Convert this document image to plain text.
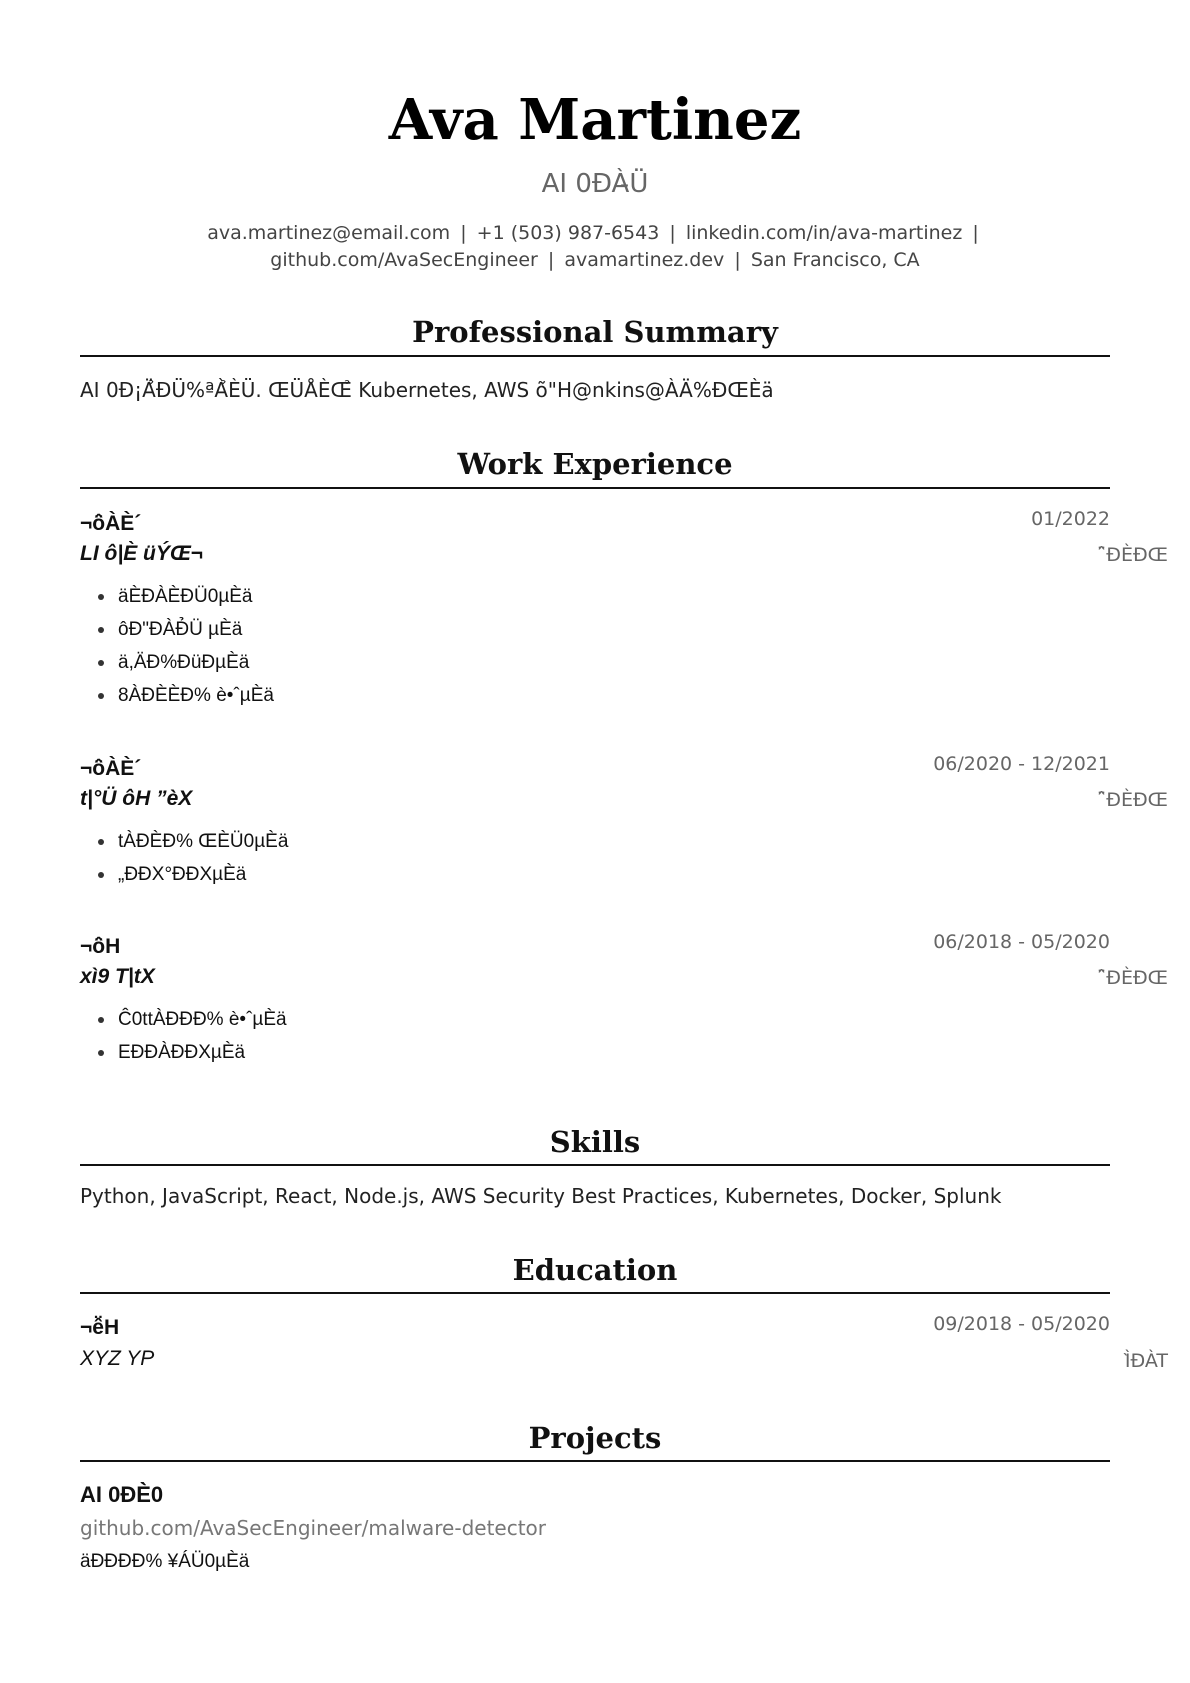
Ava Martinez
AI 0ÐÀ̵Ü
ava.martinez@email.com | +1 (503) 987-6543 | linkedin.com/in/ava-martinez | github.com/AvaSecEngineer | avamartinez.dev | San Francisco, CA
Professional Summary
AI 0Ð¡Ä̉ÐÜ%ªÀ̉ÈÜ. ŒÜÅÈŒ̉ Kubernetes, AWS õ"H@nkins@ÀÄ%ÐŒÈä
Work Experience
¬ô̈ÀÈ´	01/2022
LI ô|È üÝŒ¬	ˆ̈ÐÈÐŒ
äÈÐÀÈÐÜ0µÈä
ôÐ"ÐÀÐ̉Ü µÈä
ä,ÄÐ%ÐüÐµÈä
8ÀÐÈÈÐ% è•ˆµÈä
¬ô̈ÀÈ´	06/2020 - 12/2021
t|°Ü ôH ”èX	ˆ̈ÐÈÐŒ
tÀÐÈÐ% ŒÈÜ0µÈä
„ÐÐX°ÐÐXµÈä
¬ô̈H	06/2018 - 05/2020
xì9 T|tX	ˆ̈ÐÈÐŒ
Ĉ0ttÀÐÐÐ% è•ˆµÈä
EÐÐÀÐÐXµÈä
Skills
Python, JavaScript, React, Node.js, AWS Security Best Practices, Kubernetes, Docker, Splunk
Education
¬ê̈H	09/2018 - 05/2020
XYZ YP	Ì̀ÐÀT
Projects
AI 0ÐÈ̀0
github.com/AvaSecEngineer/malware-detector
äÐÐÐÐ% ¥ÁÜ0µÈä
